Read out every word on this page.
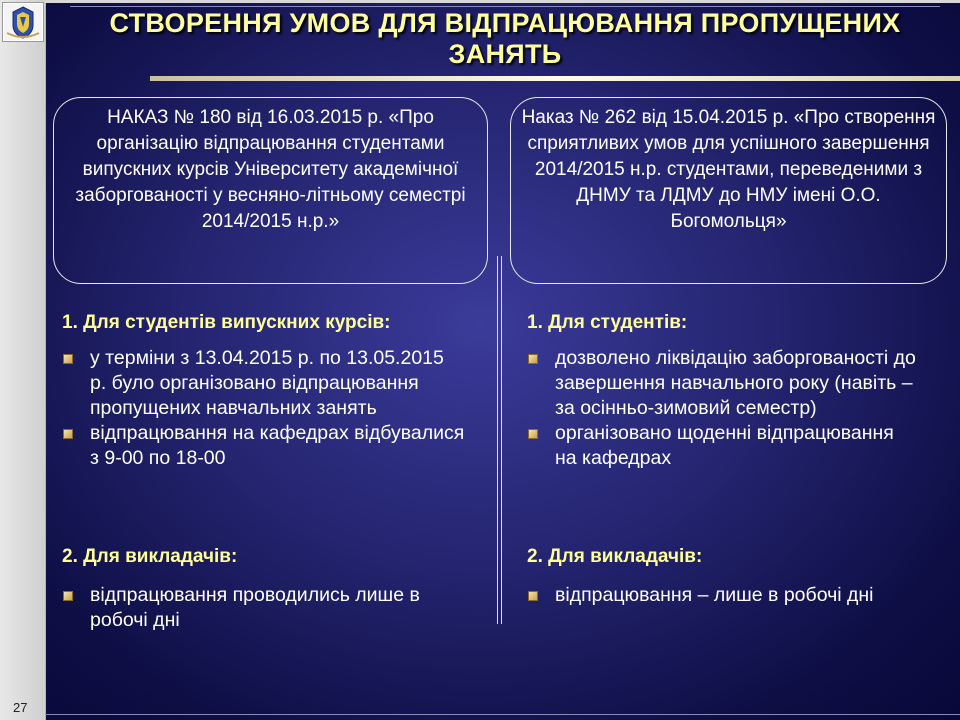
СТВОРЕННЯ УМОВ ДЛЯ ВІДПРАЦЮВАННЯ ПРОПУЩЕНИХ ЗАНЯТЬ
НАКАЗ № 180 від 16.03.2015 р. «Про організацію відпрацювання студентами випускних курсів Університету академічної заборгованості у весняно-літньому семестрі 2014/2015 н.р.»
Наказ № 262 від 15.04.2015 р. «Про створення сприятливих умов для успішного завершення 2014/2015 н.р. студентами, переведеними з ДНМУ та ЛДМУ до НМУ імені О.О. Богомольця»
1. Для студентів випускних курсів:
у терміни з 13.04.2015 р. по 13.05.2015 р. було організовано відпрацювання пропущених навчальних занять
відпрацювання на кафедрах відбувалися з 9-00 по 18-00
2. Для викладачів:
відпрацювання проводились лише в робочі дні
1. Для студентів:
дозволено ліквідацію заборгованості до завершення навчального року (навіть – за осінньо-зимовий семестр)
організовано щоденні відпрацювання на кафедрах
2. Для викладачів:
відпрацювання – лише в робочі дні
27
